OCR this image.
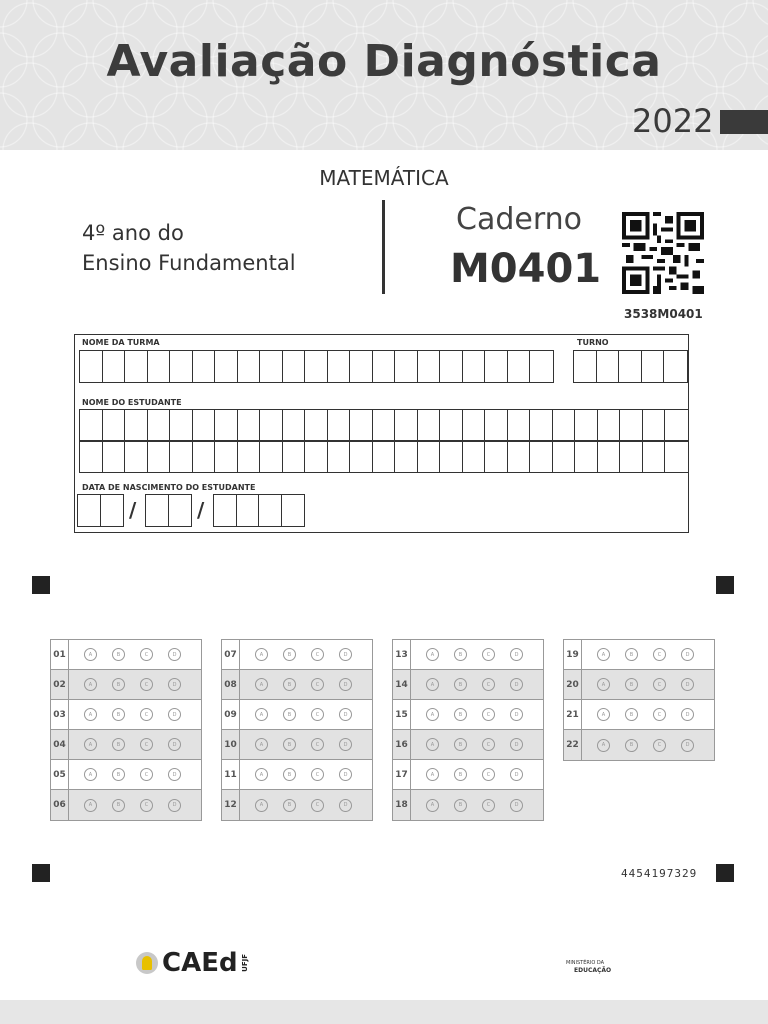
Avaliação Diagnóstica
2022
MATEMÁTICA
4º ano do
Ensino Fundamental
Caderno
M0401
3538M0401
NOME DA TURMA	TURNO
NOME DO ESTUDANTE
DATA DE NASCIMENTO DO ESTUDANTE
/	/
01	A	B	C	D
02	A	B	C	D
03	A	B	C	D
04	A	B	C	D
05	A	B	C	D
06	A	B	C	D
07	A	B	C	D
08	A	B	C	D
09	A	B	C	D
10	A	B	C	D
11	A	B	C	D
12	A	B	C	D
13	A	B	C	D
14	A	B	C	D
15	A	B	C	D
16	A	B	C	D
17	A	B	C	D
18	A	B	C	D
19	A	B	C	D
20	A	B	C	D
21	A	B	C	D
22	A	B	C	D
4454197329
CAEd UFJF	MINISTÉRIO DA
EDUCAÇÃO
